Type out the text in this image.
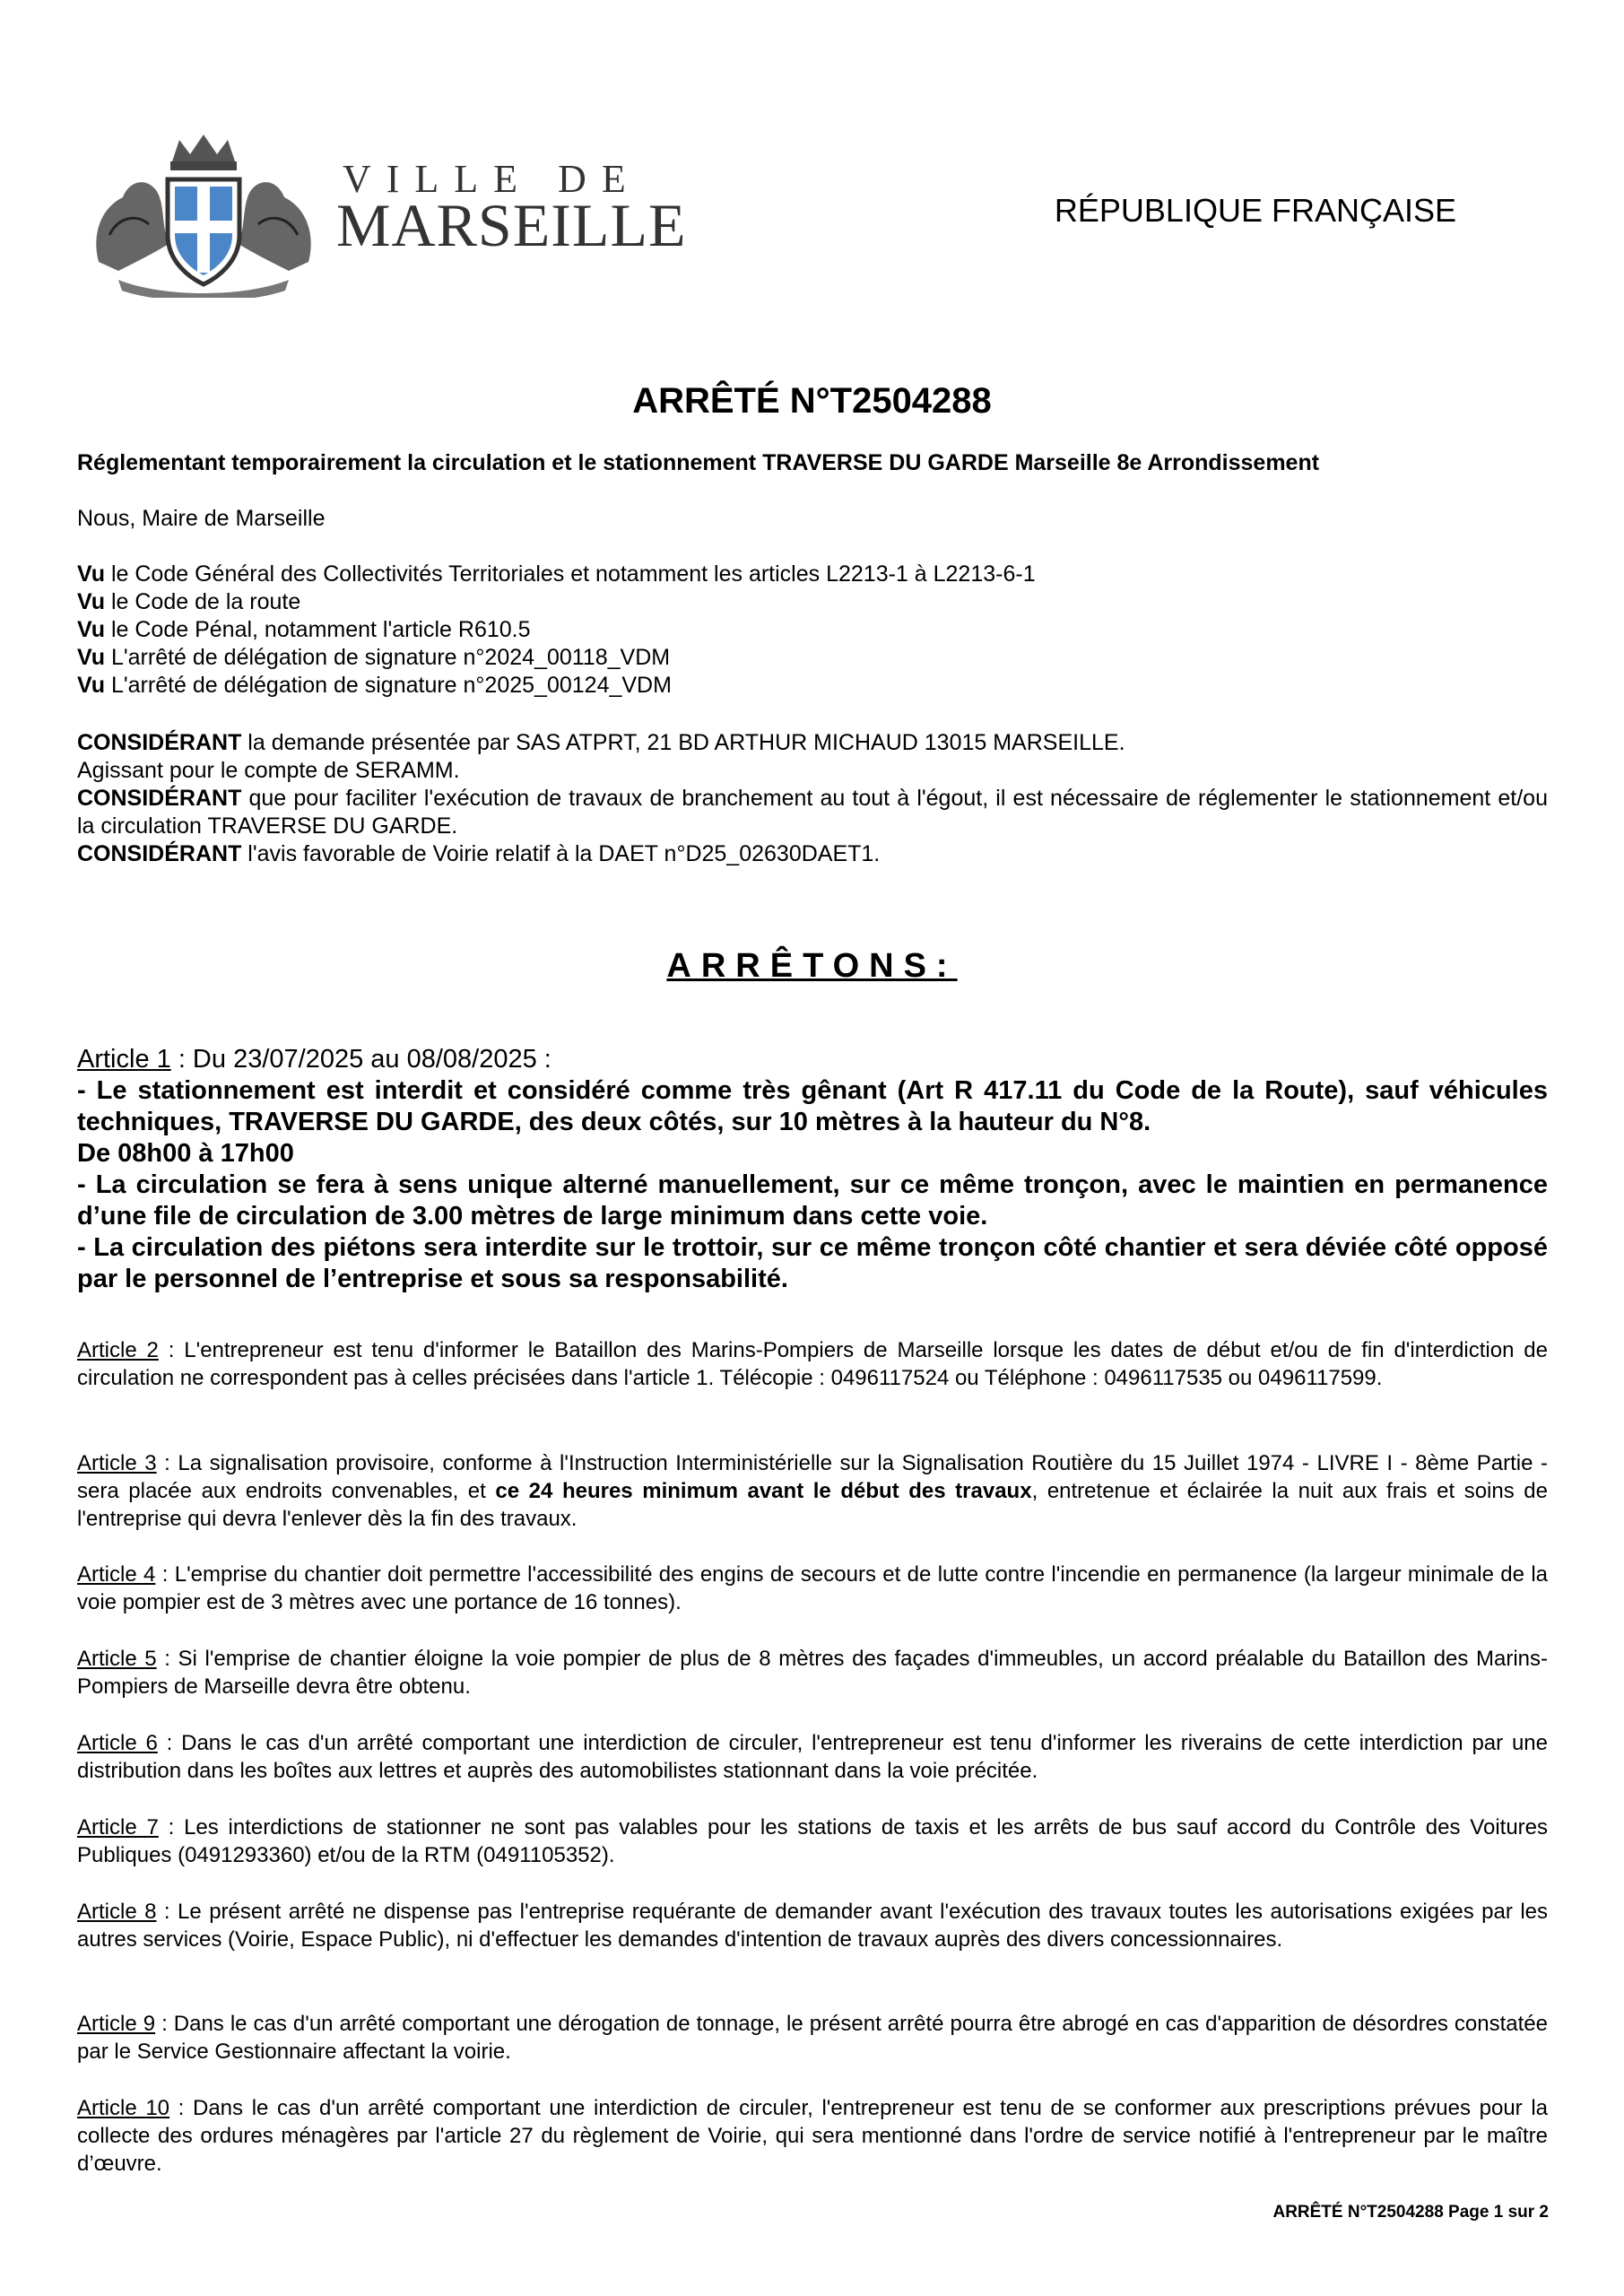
VILLE DE
MARSEILLE	RÉPUBLIQUE FRANÇAISE
ARRÊTÉ N°T2504288
Réglementant temporairement la circulation et le stationnement TRAVERSE DU GARDE Marseille 8e Arrondissement
Nous, Maire de Marseille
Vu le Code Général des Collectivités Territoriales et notamment les articles L2213-1 à L2213-6-1
Vu le Code de la route
Vu le Code Pénal, notamment l'article R610.5
Vu L'arrêté de délégation de signature n°2024_00118_VDM
Vu L'arrêté de délégation de signature n°2025_00124_VDM
CONSIDÉRANT la demande présentée par SAS ATPRT, 21 BD ARTHUR MICHAUD 13015 MARSEILLE.
Agissant pour le compte de SERAMM.
CONSIDÉRANT que pour faciliter l'exécution de travaux de branchement au tout à l'égout, il est nécessaire de réglementer le stationnement et/ou la circulation TRAVERSE DU GARDE.
CONSIDÉRANT l'avis favorable de Voirie relatif à la DAET n°D25_02630DAET1.
ARRÊTONS:
Article 1 : Du 23/07/2025 au 08/08/2025 :
- Le stationnement est interdit et considéré comme très gênant (Art R 417.11 du Code de la Route), sauf véhicules techniques, TRAVERSE DU GARDE, des deux côtés, sur 10 mètres à la hauteur du N°8.
De 08h00 à 17h00
- La circulation se fera à sens unique alterné manuellement, sur ce même tronçon, avec le maintien en permanence d’une file de circulation de 3.00 mètres de large minimum dans cette voie.
- La circulation des piétons sera interdite sur le trottoir, sur ce même tronçon côté chantier et sera déviée côté opposé par le personnel de l’entreprise et sous sa responsabilité.
Article 2 : L'entrepreneur est tenu d'informer le Bataillon des Marins-Pompiers de Marseille lorsque les dates de début et/ou de fin d'interdiction de circulation ne correspondent pas à celles précisées dans l'article 1. Télécopie : 0496117524 ou Téléphone : 0496117535 ou 0496117599.
Article 3 : La signalisation provisoire, conforme à l'Instruction Interministérielle sur la Signalisation Routière du 15 Juillet 1974 - LIVRE I - 8ème Partie - sera placée aux endroits convenables, et ce 24 heures minimum avant le début des travaux, entretenue et éclairée la nuit aux frais et soins de l'entreprise qui devra l'enlever dès la fin des travaux.
Article 4 : L'emprise du chantier doit permettre l'accessibilité des engins de secours et de lutte contre l'incendie en permanence (la largeur minimale de la voie pompier est de 3 mètres avec une portance de 16 tonnes).
Article 5 : Si l'emprise de chantier éloigne la voie pompier de plus de 8 mètres des façades d'immeubles, un accord préalable du Bataillon des Marins-Pompiers de Marseille devra être obtenu.
Article 6 : Dans le cas d'un arrêté comportant une interdiction de circuler, l'entrepreneur est tenu d'informer les riverains de cette interdiction par une distribution dans les boîtes aux lettres et auprès des automobilistes stationnant dans la voie précitée.
Article 7 : Les interdictions de stationner ne sont pas valables pour les stations de taxis et les arrêts de bus sauf accord du Contrôle des Voitures Publiques (0491293360) et/ou de la RTM (0491105352).
Article 8 : Le présent arrêté ne dispense pas l'entreprise requérante de demander avant l'exécution des travaux toutes les autorisations exigées par les autres services (Voirie, Espace Public), ni d'effectuer les demandes d'intention de travaux auprès des divers concessionnaires.
Article 9 : Dans le cas d'un arrêté comportant une dérogation de tonnage, le présent arrêté pourra être abrogé en cas d'apparition de désordres constatée par le Service Gestionnaire affectant la voirie.
Article 10 : Dans le cas d'un arrêté comportant une interdiction de circuler, l'entrepreneur est tenu de se conformer aux prescriptions prévues pour la collecte des ordures ménagères par l'article 27 du règlement de Voirie, qui sera mentionné dans l'ordre de service notifié à l'entrepreneur par le maître d’œuvre.
ARRÊTÉ N°T2504288 Page 1 sur 2
